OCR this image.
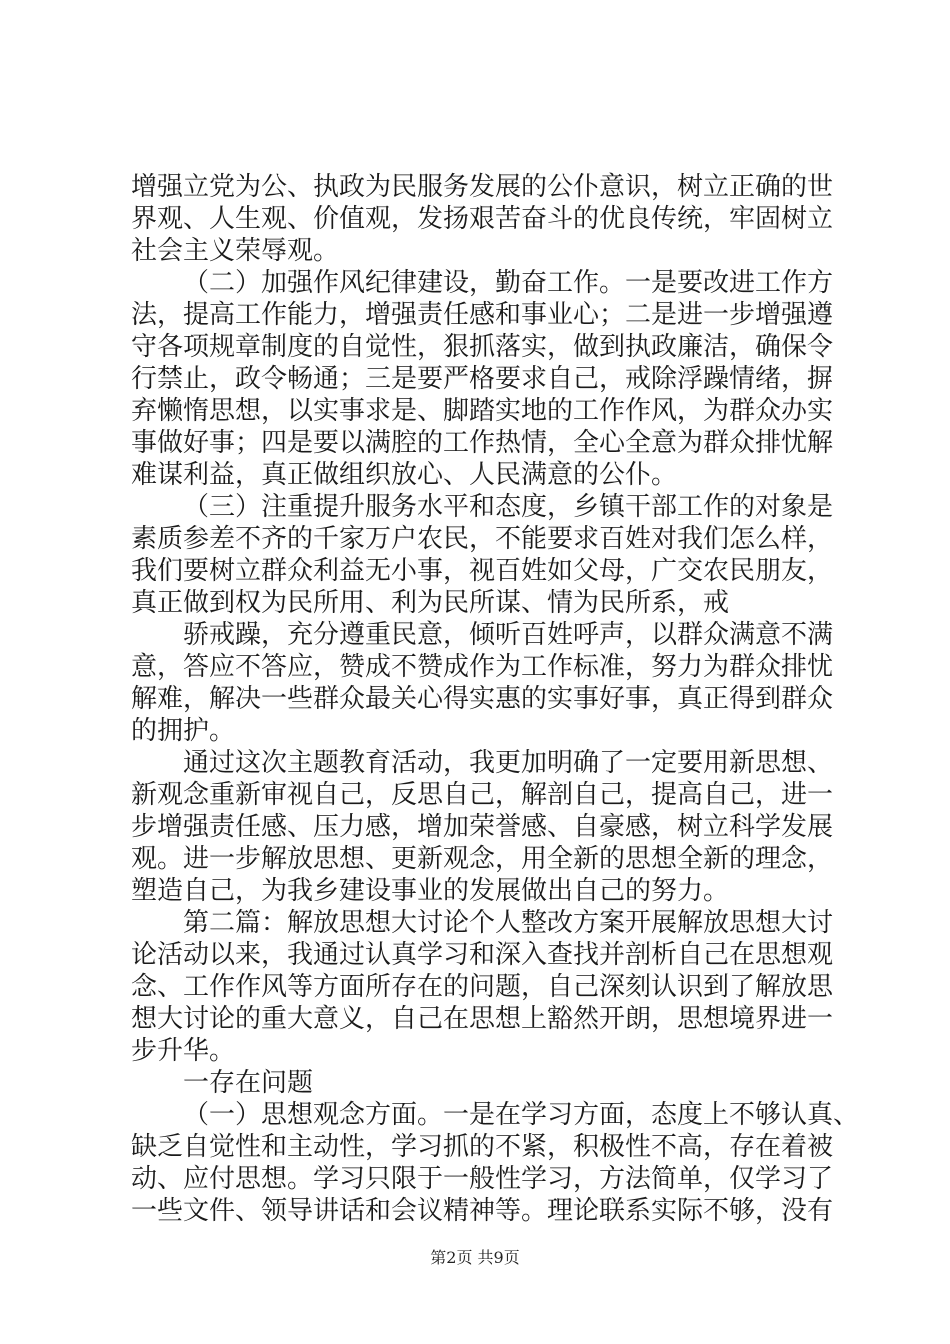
增强立党为公、执政为民服务发展的公仆意识，树立正确的世
界观、人生观、价值观，发扬艰苦奋斗的优良传统，牢固树立
社会主义荣辱观。
（二）加强作风纪律建设，勤奋工作。一是要改进工作方
法，提高工作能力，增强责任感和事业心；二是进一步增强遵
守各项规章制度的自觉性，狠抓落实，做到执政廉洁，确保令
行禁止，政令畅通；三是要严格要求自己，戒除浮躁情绪，摒
弃懒惰思想，以实事求是、脚踏实地的工作作风，为群众办实
事做好事；四是要以满腔的工作热情，全心全意为群众排忧解
难谋利益，真正做组织放心、人民满意的公仆。
（三）注重提升服务水平和态度，乡镇干部工作的对象是
素质参差不齐的千家万户农民，不能要求百姓对我们怎么样，
我们要树立群众利益无小事，视百姓如父母，广交农民朋友，
真正做到权为民所用、利为民所谋、情为民所系，戒
骄戒躁，充分遵重民意，倾听百姓呼声，以群众满意不满
意，答应不答应，赞成不赞成作为工作标准，努力为群众排忧
解难，解决一些群众最关心得实惠的实事好事，真正得到群众
的拥护。
通过这次主题教育活动，我更加明确了一定要用新思想、
新观念重新审视自己，反思自己，解剖自己，提高自己，进一
步增强责任感、压力感，增加荣誉感、自豪感，树立科学发展
观。进一步解放思想、更新观念，用全新的思想全新的理念，
塑造自己，为我乡建设事业的发展做出自己的努力。
第二篇：解放思想大讨论个人整改方案开展解放思想大讨
论活动以来，我通过认真学习和深入查找并剖析自己在思想观
念、工作作风等方面所存在的问题，自己深刻认识到了解放思
想大讨论的重大意义，自己在思想上豁然开朗，思想境界进一
步升华。
一存在问题
（一）思想观念方面。一是在学习方面，态度上不够认真、
缺乏自觉性和主动性，学习抓的不紧，积极性不高，存在着被
动、应付思想。学习只限于一般性学习，方法简单，仅学习了
一些文件、领导讲话和会议精神等。理论联系实际不够，没有
第2页 共9页
